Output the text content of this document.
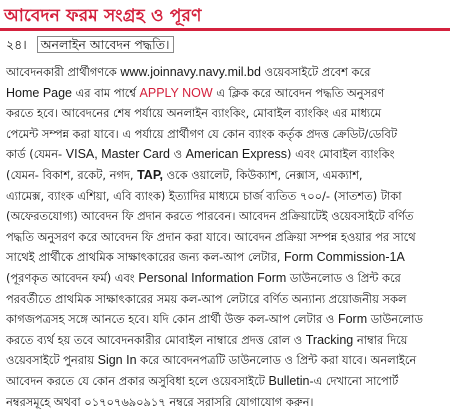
আবেদন ফরম সংগ্রহ ও পূরণ
২৪। অনলাইন আবেদন পদ্ধতি।
আবেদনকারী প্রার্থীগণকে www.joinnavy.navy.mil.bd ওয়েবসাইটে প্রবেশ করে
Home Page এর বাম পার্শ্বে APPLY NOW এ ক্লিক করে আবেদন পদ্ধতি অনুসরণ
করতে হবে। আবেদনের শেষ পর্যায়ে অনলাইন ব্যাংকিং, মোবাইল ব্যাংকিং এর মাধ্যমে
পেমেন্ট সম্পন্ন করা যাবে। এ পর্যায়ে প্রার্থীগণ যে কোন ব্যাংক কর্তৃক প্রদত্ত ক্রেডিট/ডেবিট
কার্ড (যেমন- VISA, Master Card ও American Express) এবং মোবাইল ব্যাংকিং
(যেমন- বিকাশ, রকেট, নগদ, TAP, ওকে ওয়ালেট, কিউক্যাশ, নেক্সাস, এমক্যাশ,
এ্যামেক্স, ব্যাংক এশিয়া, এবি ব্যাংক) ইত্যাদির মাধ্যমে চার্জ ব্যতিত ৭০০/- (সাতশত) টাকা
(অফেরতযোগ্য) আবেদন ফি প্রদান করতে পারবেন। আবেদন প্রক্রিয়াটেই ওয়েবসাইটে বর্ণিত
পদ্ধতি অনুসরণ করে আবেদন ফি প্রদান করা যাবে। আবেদন প্রক্রিয়া সম্পন্ন হওয়ার পর সাথে
সাথেই প্রার্থীকে প্রাথমিক সাক্ষাৎকারের জন্য কল-আপ লেটার, Form Commission-1A
(পূরণকৃত আবেদন ফর্ম) এবং Personal Information Form ডাউনলোড ও প্রিন্ট করে
পরবর্তীতে প্রাথমিক সাক্ষাৎকারের সময় কল-আপ লেটারে বর্ণিত অন্যান্য প্রয়োজনীয় সকল
কাগজপত্রসহ সঙ্গে আনতে হবে। যদি কোন প্রার্থী উক্ত কল-আপ লেটার ও Form ডাউনলোড
করতে ব্যর্থ হয় তবে আবেদনকারীর মোবাইল নাম্বারে প্রদত্ত রোল ও Tracking নাম্বার দিয়ে
ওয়েবসাইটে পুনরায় Sign In করে আবেদনপত্রটি ডাউনলোড ও প্রিন্ট করা যাবে। অনলাইনে
আবেদন করতে যে কোন প্রকার অসুবিধা হলে ওয়েবসাইটে Bulletin-এ দেখানো সাপোর্ট
নম্বরসমূহে অথবা ০১৭০৭৬৯০৯১৭ নম্বরে সরাসরি যোগাযোগ করুন।
